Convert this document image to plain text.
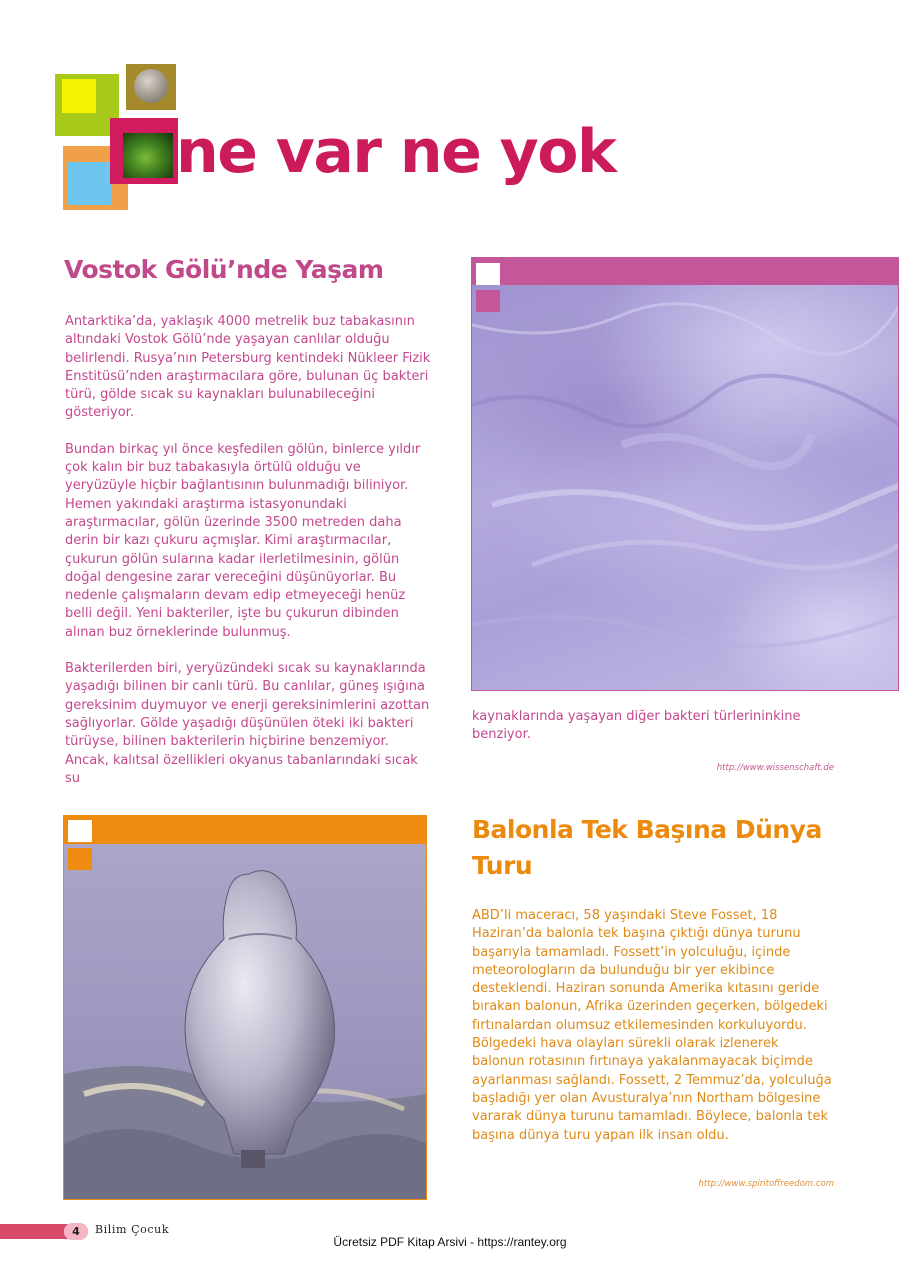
ne var ne yok
Vostok Gölü’nde Yaşam

Antarktika’da, yaklaşık 4000 metrelik buz tabakasının altındaki Vostok Gölü’nde yaşayan canlılar olduğu belirlendi. Rusya’nın Petersburg kentindeki Nükleer Fizik Enstitüsü’nden araştırmacılara göre, bulunan üç bakteri türü, gölde sıcak su kaynakları bulunabileceğini gösteriyor.

Bundan birkaç yıl önce keşfedilen gölün, binlerce yıldır çok kalın bir buz tabakasıyla örtülü olduğu ve yeryüzüyle hiçbir bağlantısının bulunmadığı biliniyor. Hemen yakındaki araştırma istasyonundaki araştırmacılar, gölün üzerinde 3500 metreden daha derin bir kazı çukuru açmışlar. Kimi araştırmacılar, çukurun gölün sularına kadar ilerletilmesinin, gölün doğal dengesine zarar vereceğini düşünüyorlar. Bu nedenle çalışmaların devam edip etmeyeceği henüz belli değil. Yeni bakteriler, işte bu çukurun dibinden alınan buz örneklerinde bulunmuş.

Bakterilerden biri, yeryüzündeki sıcak su kaynaklarında yaşadığı bilinen bir canlı türü. Bu canlılar, güneş ışığına gereksinim duymuyor ve enerji gereksinimlerini azottan sağlıyorlar. Gölde yaşadığı düşünülen öteki iki bakteri türüyse, bilinen bakterilerin hiçbirine benzemiyor. Ancak, kalıtsal özellikleri okyanus tabanlarındaki sıcak su

kaynaklarında yaşayan diğer bakteri türlerininkine benziyor.
http://www.wissenschaft.de
Balonla Tek Başına Dünya Turu
ABD’li maceracı, 58 yaşındaki Steve Fosset, 18 Haziran’da balonla tek başına çıktığı dünya turunu başarıyla tamamladı. Fossett’in yolculuğu, içinde meteorologların da bulunduğu bir yer ekibince desteklendi. Haziran sonunda Amerika kıtasını geride bırakan balonun, Afrika üzerinden geçerken, bölgedeki fırtınalardan olumsuz etkilemesinden korkuluyordu. Bölgedeki hava olayları sürekli olarak izlenerek balonun rotasının fırtınaya yakalanmayacak biçimde ayarlanması sağlandı. Fossett, 2 Temmuz’da, yolculuğa başladığı yer olan Avusturalya’nın Northam bölgesine vararak dünya turunu tamamladı. Böylece, balonla tek başına dünya turu yapan ilk insan oldu.
http://www.spiritoffreedom.com
4	Bilim Çocuk
Ücretsiz PDF Kitap Arsivi - https://rantey.org
